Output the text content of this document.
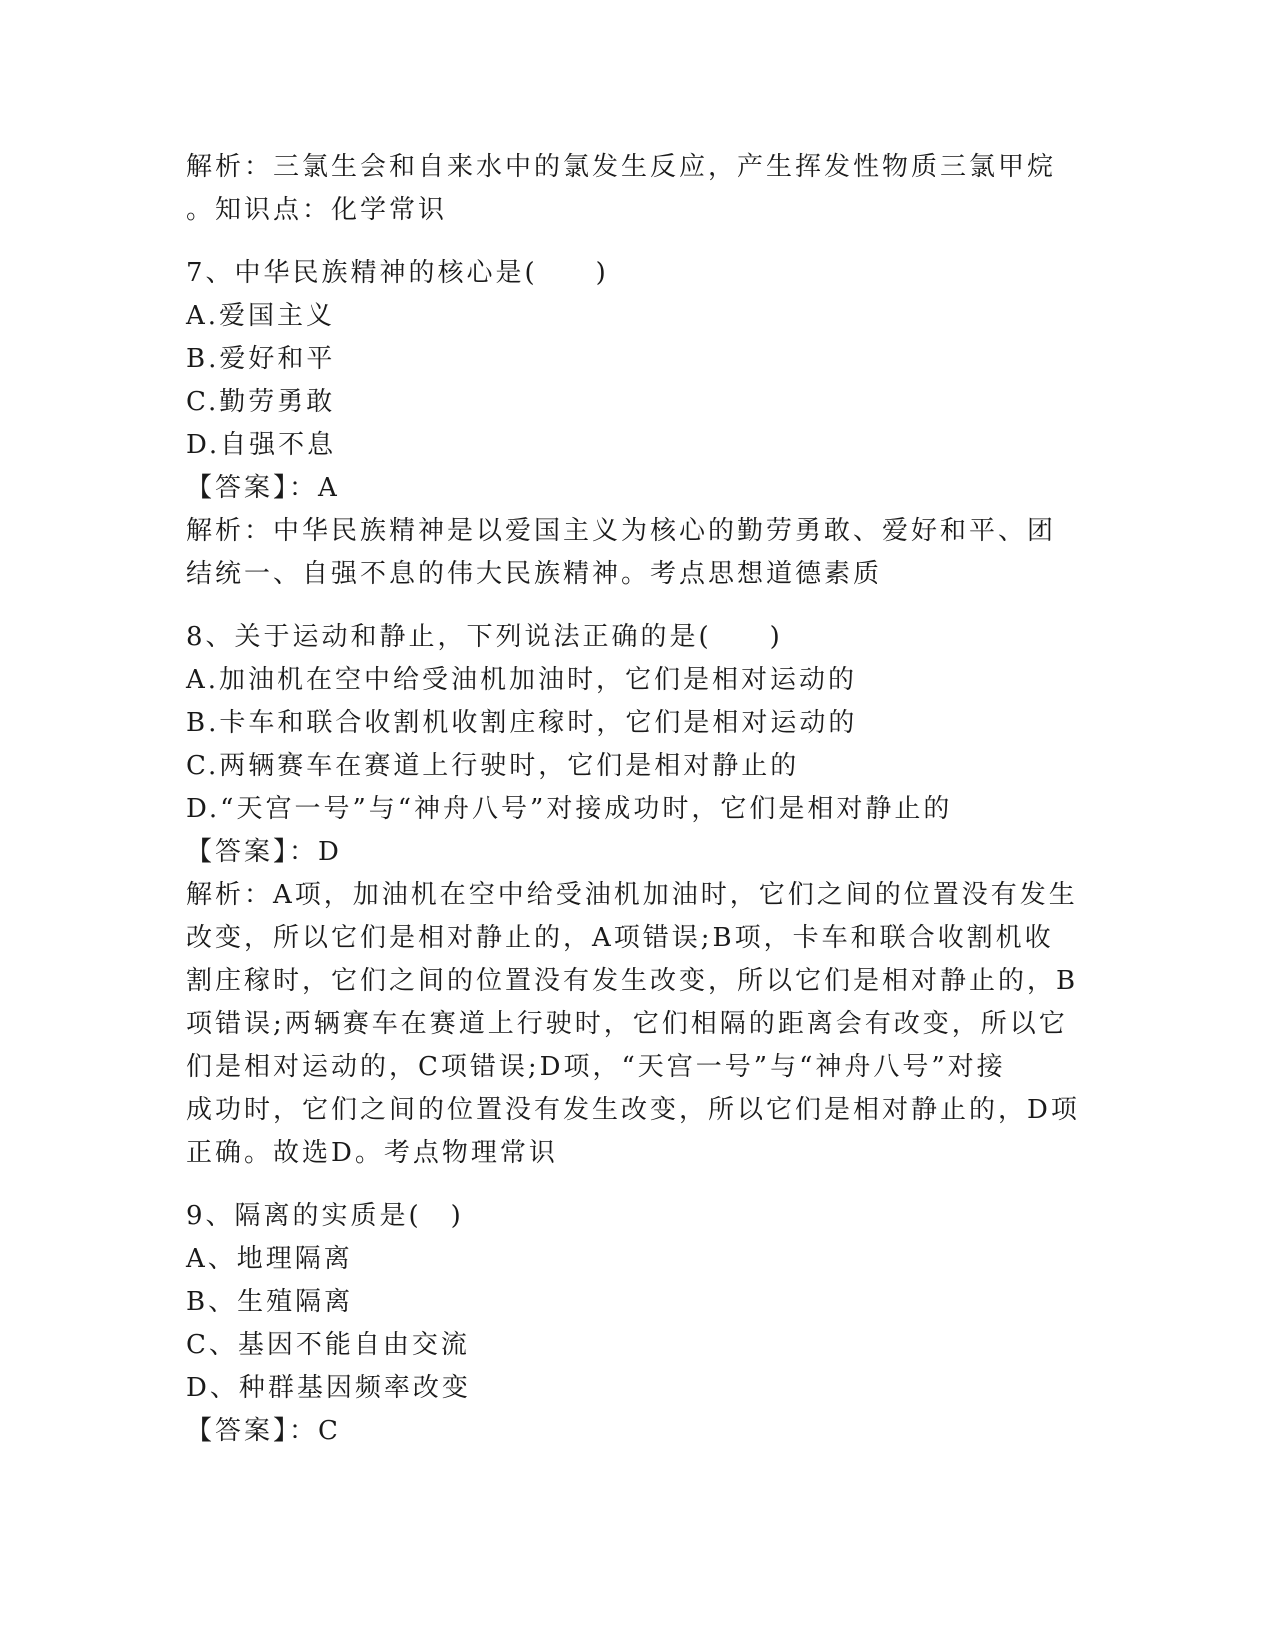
解析：三氯生会和自来水中的氯发生反应，产生挥发性物质三氯甲烷
。知识点：化学常识
7、中华民族精神的核心是(　　)
A.爱国主义
B.爱好和平
C.勤劳勇敢
D.自强不息
【答案】：A
解析：中华民族精神是以爱国主义为核心的勤劳勇敢、爱好和平、团
结统一、自强不息的伟大民族精神。考点思想道德素质
8、关于运动和静止，下列说法正确的是(　　)
A.加油机在空中给受油机加油时，它们是相对运动的
B.卡车和联合收割机收割庄稼时，它们是相对运动的
C.两辆赛车在赛道上行驶时，它们是相对静止的
D.“天宫一号”与“神舟八号”对接成功时，它们是相对静止的
【答案】：D
解析：A项，加油机在空中给受油机加油时，它们之间的位置没有发生
改变，所以它们是相对静止的，A项错误;B项，卡车和联合收割机收
割庄稼时，它们之间的位置没有发生改变，所以它们是相对静止的，B
项错误;两辆赛车在赛道上行驶时，它们相隔的距离会有改变，所以它
们是相对运动的，C项错误;D项，“天宫一号”与“神舟八号”对接
成功时，它们之间的位置没有发生改变，所以它们是相对静止的，D项
正确。故选D。考点物理常识
9、隔离的实质是(　)
A、地理隔离
B、生殖隔离
C、基因不能自由交流
D、种群基因频率改变
【答案】：C
